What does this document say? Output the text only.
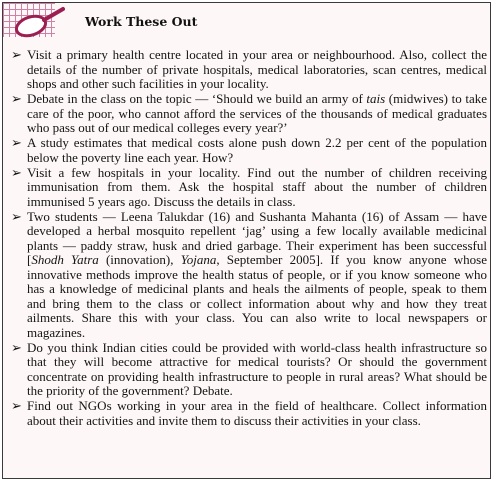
Work These Out
➢ Visit a primary health centre located in your area or neighbourhood. Also, collect the details of the number of private hospitals, medical laboratories, scan centres, medical shops and other such facilities in your locality.
➢ Debate in the class on the topic — ‘Should we build an army of tais (midwives) to take care of the poor, who cannot afford the services of the thousands of medical graduates who pass out of our medical colleges every year?’
➢ A study estimates that medical costs alone push down 2.2 per cent of the population below the poverty line each year. How?
➢ Visit a few hospitals in your locality. Find out the number of children receiving immunisation from them. Ask the hospital staff about the number of children immunised 5 years ago. Discuss the details in class.
➢ Two students — Leena Talukdar (16) and Sushanta Mahanta (16) of Assam — have developed a herbal mosquito repellent ‘jag’ using a few locally available medicinal plants — paddy straw, husk and dried garbage. Their experiment has been successful [Shodh Yatra (innovation), Yojana, September 2005]. If you know anyone whose innovative methods improve the health status of people, or if you know someone who has a knowledge of medicinal plants and heals the ailments of people, speak to them and bring them to the class or collect information about why and how they treat ailments. Share this with your class. You can also write to local newspapers or magazines.
➢ Do you think Indian cities could be provided with world-class health infrastructure so that they will become attractive for medical tourists? Or should the government concentrate on providing health infrastructure to people in rural areas? What should be the priority of the government? Debate.
➢ Find out NGOs working in your area in the field of healthcare. Collect information about their activities and invite them to discuss their activities in your class.
